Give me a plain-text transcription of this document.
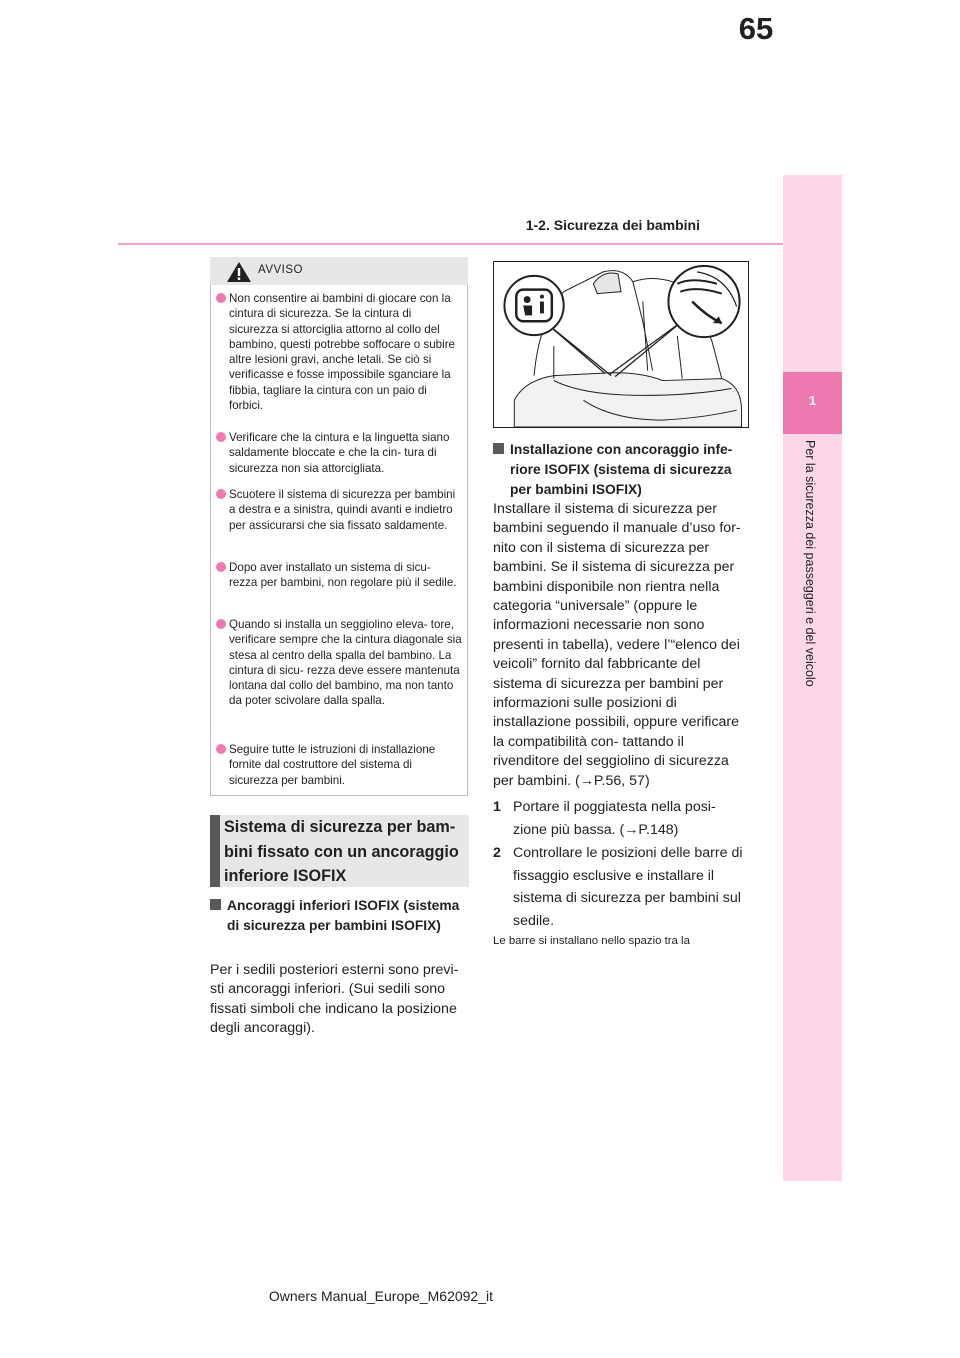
65
1-2. Sicurezza dei bambini
1
Per la sicurezza dei passeggeri e del veicolo
AVVISO
Non consentire ai bambini di giocare con la cintura di sicurezza. Se la cintura di sicurezza si attorciglia attorno al collo del bambino, questi potrebbe soffocare o subire altre lesioni gravi, anche letali. Se ciò si verificasse e fosse impossibile sganciare la fibbia, tagliare la cintura con un paio di forbici.
Verificare che la cintura e la linguetta siano saldamente bloccate e che la cin- tura di sicurezza non sia attorcigliata.
Scuotere il sistema di sicurezza per bambini a destra e a sinistra, quindi avanti e indietro per assicurarsi che sia fissato saldamente.
Dopo aver installato un sistema di sicu- rezza per bambini, non regolare più il sedile.
Quando si installa un seggiolino eleva- tore, verificare sempre che la cintura diagonale sia stesa al centro della spalla del bambino. La cintura di sicu- rezza deve essere mantenuta lontana dal collo del bambino, ma non tanto da poter scivolare dalla spalla.
Seguire tutte le istruzioni di installazione fornite dal costruttore del sistema di sicurezza per bambini.
Sistema di sicurezza per bam- bini fissato con un ancoraggio inferiore ISOFIX
Ancoraggi inferiori ISOFIX (sistema di sicurezza per bambini ISOFIX)
Per i sedili posteriori esterni sono previ- sti ancoraggi inferiori. (Sui sedili sono fissati simboli che indicano la posizione degli ancoraggi).
Installazione con ancoraggio infe- riore ISOFIX (sistema di sicurezza per bambini ISOFIX)
Installare il sistema di sicurezza per bambini seguendo il manuale d’uso for- nito con il sistema di sicurezza per bambini. Se il sistema di sicurezza per bambini disponibile non rientra nella categoria “universale” (oppure le informazioni necessarie non sono presenti in tabella), vedere l’“elenco dei veicoli” fornito dal fabbricante del sistema di sicurezza per bambini per informazioni sulle posizioni di installazione possibili, oppure verificare la compatibilità con- tattando il rivenditore del seggiolino di sicurezza per bambini. (→P.56, 57)
1 Portare il poggiatesta nella posi- zione più bassa. (→P.148)
2 Controllare le posizioni delle barre di fissaggio esclusive e installare il sistema di sicurezza per bambini sul sedile.
Le barre si installano nello spazio tra la
Owners Manual_Europe_M62092_it
